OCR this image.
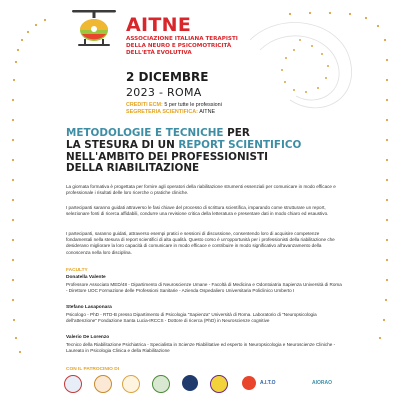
AITNE
ASSOCIAZIONE ITALIANA TERAPISTI
DELLA NEURO E PSICOMOTRICITÀ
DELL'ETÀ EVOLUTIVA
2 DICEMBRE
2023 - ROMA
CREDITI ECM: 5 per tutte le professioni
SEGRETERIA SCIENTIFICA: AITNE
METODOLOGIE E TECNICHE PER
LA STESURA DI UN REPORT SCIENTIFICO
NELL'AMBITO DEI PROFESSIONISTI
DELLA RIABILITAZIONE

La giornata formativa è progettata per fornire agli operatori della riabilitazione strumenti essenziali per comunicare in modo efficace e professionale i risultati delle loro ricerche o pratiche cliniche.

I partecipanti saranno guidati attraverso le fasi chiave del processo di scrittura scientifica, imparando come strutturare un report, selezionare fonti di ricerca affidabili, condurre una revisione critica della letteratura e presentare dati in modo chiaro ed esaustivo.

I partecipanti, saranno guidati, attraverso esempi pratici e sessioni di discussione, consentendo loro di acquisire competenze fondamentali nella stesura di report scientifici di alta qualità. Questo corso è un'opportunità per i professionisti della riabilitazione che desiderano migliorare la loro capacità di comunicare in modo efficace e contribuire in modo significativo all'avanzamento della conoscenza nella loro disciplina.

FACULTY
Donatella Valente

Professore Associato MED/48 - Dipartimento di Neuroscienze Umane - Facoltà di Medicina e Odontoiatria Sapienza Università di Roma - Direttore UOC Formazione delle Professioni Sanitarie - Azienda Ospedaliero Universitaria Policlinico Umberto I

Stefano Lasaponara

Psicologo - PhD - RTD-B presso Dipartimento di Psicologia "Sapienza" Università di Roma. Laboratorio di "Neuropsicologia dell'attenzione" Fondazione Santa Lucia-IRCCS - Dottore di ricerca (PhD) in Neuroscienze cognitive

Valerio De Lorenzo

Tecnico della Riabilitazione Psichiatrica - Specialista in Scienze Riabilitative ed esperto in Neuropsicologia e Neuroscienze Cliniche - Laureato in Psicologia Clinica e della Riabilitazione

CON IL PATROCINIO DI
A.I.T.O	AIORAO
